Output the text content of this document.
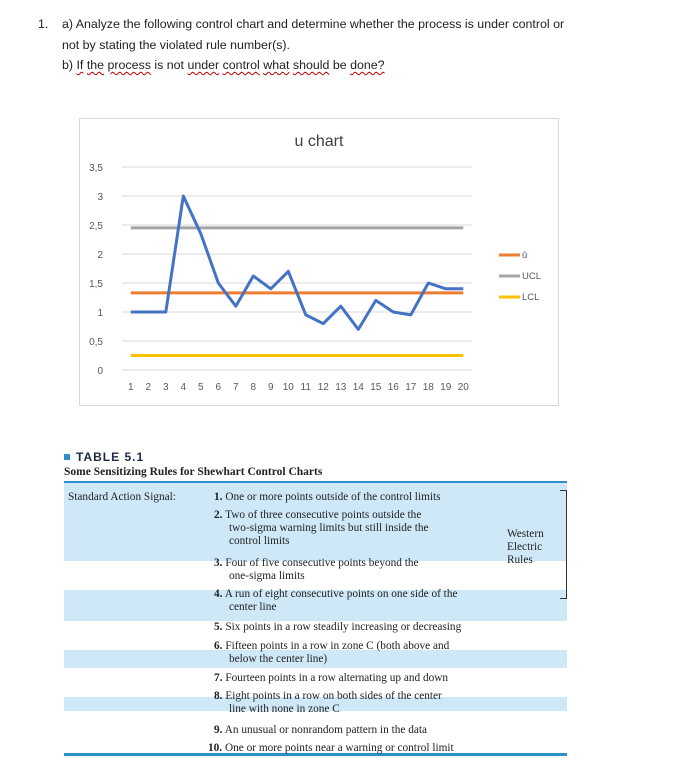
1. a) Analyze the following control chart and determine whether the process is under control or
not by stating the violated rule number(s).
b) If the process is not under control what should be done?
u chart
0
0,5
1
1,5
2
2,5
3
3,5
1 2 3 4 5 6 7 8 9 10 11 12 13 14 15 16 17 18 19 20
û
UCL
LCL
TABLE 5.1
Some Sensitizing Rules for Shewhart Control Charts
Standard Action Signal:	1. One or more points outside of the control limits
2. Two of three consecutive points outside the
two-sigma warning limits but still inside the
control limits
3. Four of five consecutive points beyond the
one-sigma limits
4. A run of eight consecutive points on one side of the
center line
5. Six points in a row steadily increasing or decreasing
6. Fifteen points in a row in zone C (both above and
below the center line)
7. Fourteen points in a row alternating up and down
8. Eight points in a row on both sides of the center
line with none in zone C
9. An unusual or nonrandom pattern in the data
10. One or more points near a warning or control limit
Western
Electric
Rules
